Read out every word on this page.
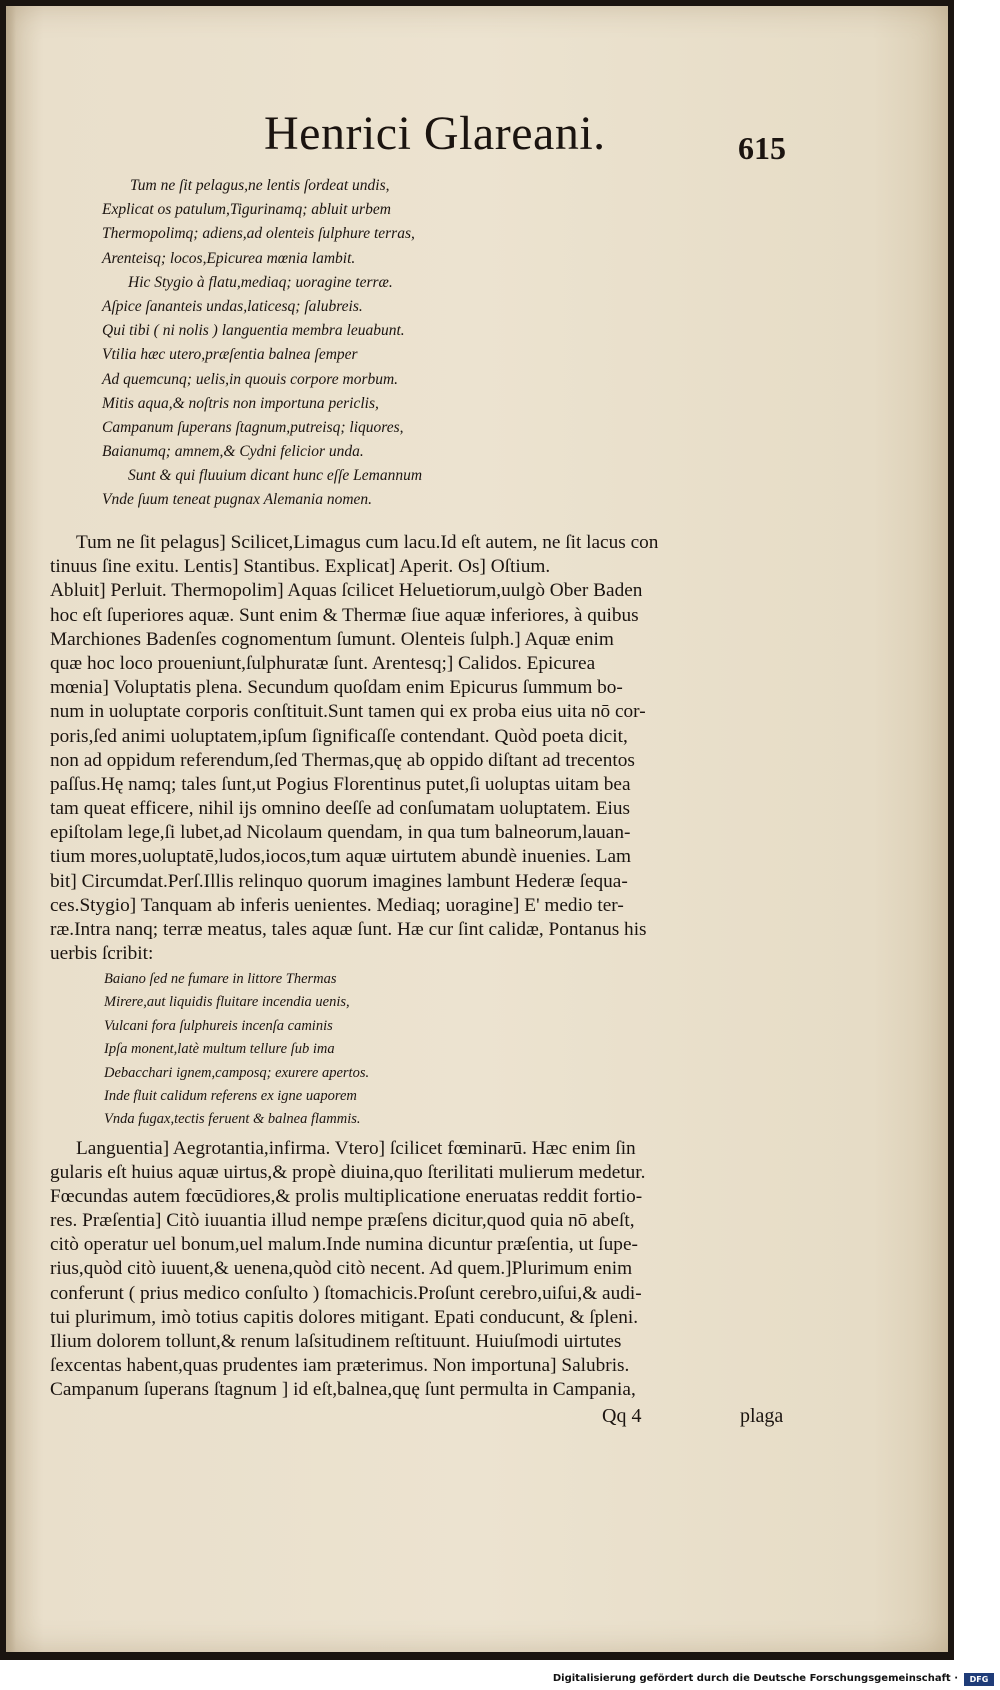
Henrici Glareani.	615
Tum ne ſit pelagus,ne lentis ſordeat undis,
Explicat os patulum,Tigurinamq; abluit urbem
Thermopolimq; adiens,ad olenteis ſulphure terras,
Arenteisq; locos,Epicurea mœnia lambit.
Hic Stygio à flatu,mediaq; uoragine terræ.
Aſpice ſananteis undas,laticesq; ſalubreis.
Qui tibi ( ni nolis ) languentia membra leuabunt.
Vtilia hæc utero,præſentia balnea ſemper
Ad quemcunq; uelis,in quouis corpore morbum.
Mitis aqua,& noſtris non importuna periclis,
Campanum ſuperans ſtagnum,putreisq; liquores,
Baianumq; amnem,& Cydni felicior unda.
Sunt & qui fluuium dicant hunc eſſe Lemannum
Vnde ſuum teneat pugnax Alemania nomen.
Tum ne ſit pelagus] Scilicet,Limagus cum lacu.Id eſt autem, ne ſit lacus con
tinuus ſine exitu. Lentis] Stantibus. Explicat] Aperit. Os] Oſtium.
Abluit] Perluit. Thermopolim] Aquas ſcilicet Heluetiorum,uulgò Ober Baden
hoc eſt ſuperiores aquæ. Sunt enim & Thermæ ſiue aquæ inferiores, à quibus
Marchiones Badenſes cognomentum ſumunt. Olenteis ſulph.] Aquæ enim
quæ hoc loco proueniunt,ſulphuratæ ſunt. Arentesq;] Calidos. Epicurea
mœnia] Voluptatis plena. Secundum quoſdam enim Epicurus ſummum bo-
num in uoluptate corporis conſtituit.Sunt tamen qui ex proba eius uita nō cor-
poris,ſed animi uoluptatem,ipſum ſignificaſſe contendant. Quòd poeta dicit,
non ad oppidum referendum,ſed Thermas,quę ab oppido diſtant ad trecentos
paſſus.Hę namq; tales ſunt,ut Pogius Florentinus putet,ſi uoluptas uitam bea
tam queat efficere, nihil ijs omnino deeſſe ad conſumatam uoluptatem. Eius
epiſtolam lege,ſi lubet,ad Nicolaum quendam, in qua tum balneorum,lauan-
tium mores,uoluptatē,ludos,iocos,tum aquæ uirtutem abundè inuenies. Lam
bit] Circumdat.Perſ.Illis relinquo quorum imagines lambunt Hederæ ſequa-
ces.Stygio] Tanquam ab inferis uenientes. Mediaq; uoragine] E' medio ter-
ræ.Intra nanq; terræ meatus, tales aquæ ſunt. Hæ cur ſint calidæ, Pontanus his
uerbis ſcribit:
Baiano ſed ne fumare in littore Thermas
Mirere,aut liquidis fluitare incendia uenis,
Vulcani fora ſulphureis incenſa caminis
Ipſa monent,latè multum tellure ſub ima
Debacchari ignem,camposq; exurere apertos.
Inde fluit calidum referens ex igne uaporem
Vnda fugax,tectis feruent & balnea flammis.
Languentia] Aegrotantia,infirma. Vtero] ſcilicet fœminarū. Hæc enim ſin
gularis eſt huius aquæ uirtus,& propè diuina,quo ſterilitati mulierum medetur.
Fœcundas autem fœcūdiores,& prolis multiplicatione eneruatas reddit fortio-
res. Præſentia] Citò iuuantia illud nempe præſens dicitur,quod quia nō abeſt,
citò operatur uel bonum,uel malum.Inde numina dicuntur præſentia, ut ſupe-
rius,quòd citò iuuent,& uenena,quòd citò necent. Ad quem.]Plurimum enim
conferunt ( prius medico conſulto ) ſtomachicis.Proſunt cerebro,uiſui,& audi-
tui plurimum, imò totius capitis dolores mitigant. Epati conducunt, & ſpleni.
Ilium dolorem tollunt,& renum laſsitudinem reſtituunt. Huiuſmodi uirtutes
ſexcentas habent,quas prudentes iam præterimus. Non importuna] Salubris.
Campanum ſuperans ſtagnum ] id eſt,balnea,quę ſunt permulta in Campania,
Qq 4	plaga
Digitalisierung gefördert durch die Deutsche Forschungsgemeinschaft ·	DFG
